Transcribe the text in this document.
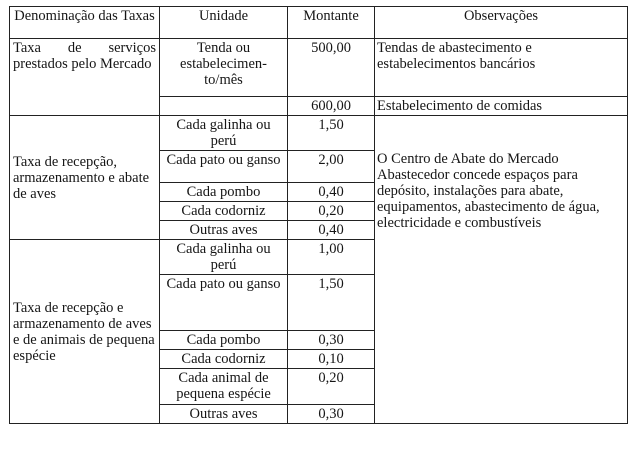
Denominação das Taxas	Unidade	Montante	Observações
Taxa de serviços prestados pelo Mercado	Tenda ou estabelecimen-to/mês	500,00	Tendas de abastecimento e estabelecimentos bancários
		600,00	Estabelecimento de comidas
Taxa de recepção, armazenamento e abate de aves	Cada galinha ou perú	1,50	O Centro de Abate do Mercado Abastecedor concede espaços para depósito, instalações para abate, equipamentos, abastecimento de água, electricidade e combustíveis

	Cada pato ou ganso	2,00	
	Cada pombo	0,40	
	Cada codorniz	0,20	
	Outras aves	0,40	
Taxa de recepção e armazenamento de aves e de animais de pequena espécie	Cada galinha ou perú	1,00	
	Cada pato ou ganso	1,50	
	Cada pombo	0,30	
	Cada codorniz	0,10	
	Cada animal de pequena espécie	0,20	
	Outras aves	0,30	
